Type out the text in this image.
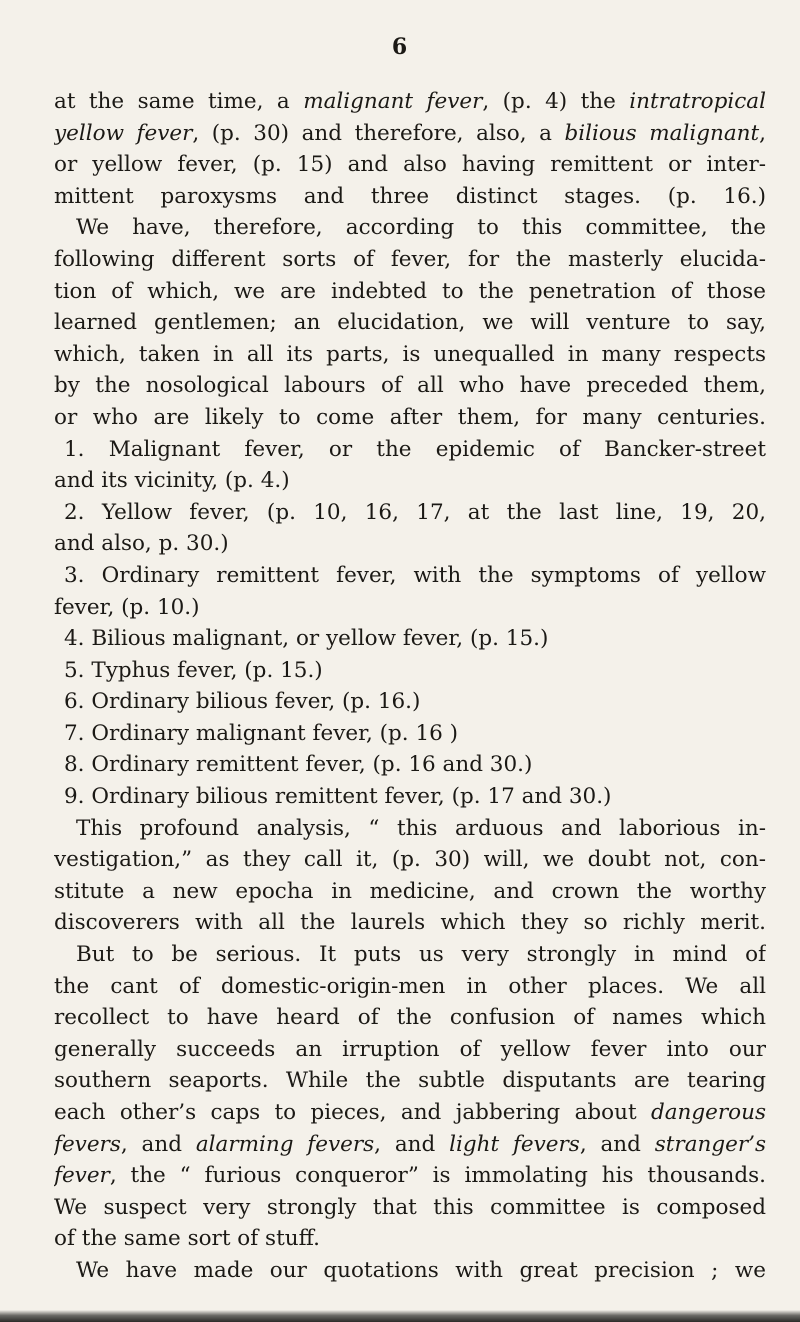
6
at the same time, a malignant fever, (p. 4) the intratropical
yellow fever, (p. 30) and therefore, also, a bilious malignant,
or yellow fever, (p. 15) and also having remittent or inter-
mittent paroxysms and three distinct stages. (p. 16.)
We have, therefore, according to this committee, the
following different sorts of fever, for the masterly elucida-
tion of which, we are indebted to the penetration of those
learned gentlemen; an elucidation, we will venture to say,
which, taken in all its parts, is unequalled in many respects
by the nosological labours of all who have preceded them,
or who are likely to come after them, for many centuries.
1. Malignant fever, or the epidemic of Bancker-street
and its vicinity, (p. 4.)
2. Yellow fever, (p. 10, 16, 17, at the last line, 19, 20,
and also, p. 30.)
3. Ordinary remittent fever, with the symptoms of yellow
fever, (p. 10.)
4. Bilious malignant, or yellow fever, (p. 15.)
5. Typhus fever, (p. 15.)
6. Ordinary bilious fever, (p. 16.)
7. Ordinary malignant fever, (p. 16 )
8. Ordinary remittent fever, (p. 16 and 30.)
9. Ordinary bilious remittent fever, (p. 17 and 30.)
This profound analysis, “ this arduous and laborious in-
vestigation,” as they call it, (p. 30) will, we doubt not, con-
stitute a new epocha in medicine, and crown the worthy
discoverers with all the laurels which they so richly merit.
But to be serious. It puts us very strongly in mind of
the cant of domestic-origin-men in other places. We all
recollect to have heard of the confusion of names which
generally succeeds an irruption of yellow fever into our
southern seaports. While the subtle disputants are tearing
each other’s caps to pieces, and jabbering about dangerous
fevers, and alarming fevers, and light fevers, and stranger’s
fever, the “ furious conqueror” is immolating his thousands.
We suspect very strongly that this committee is composed
of the same sort of stuff.
We have made our quotations with great precision ; we
